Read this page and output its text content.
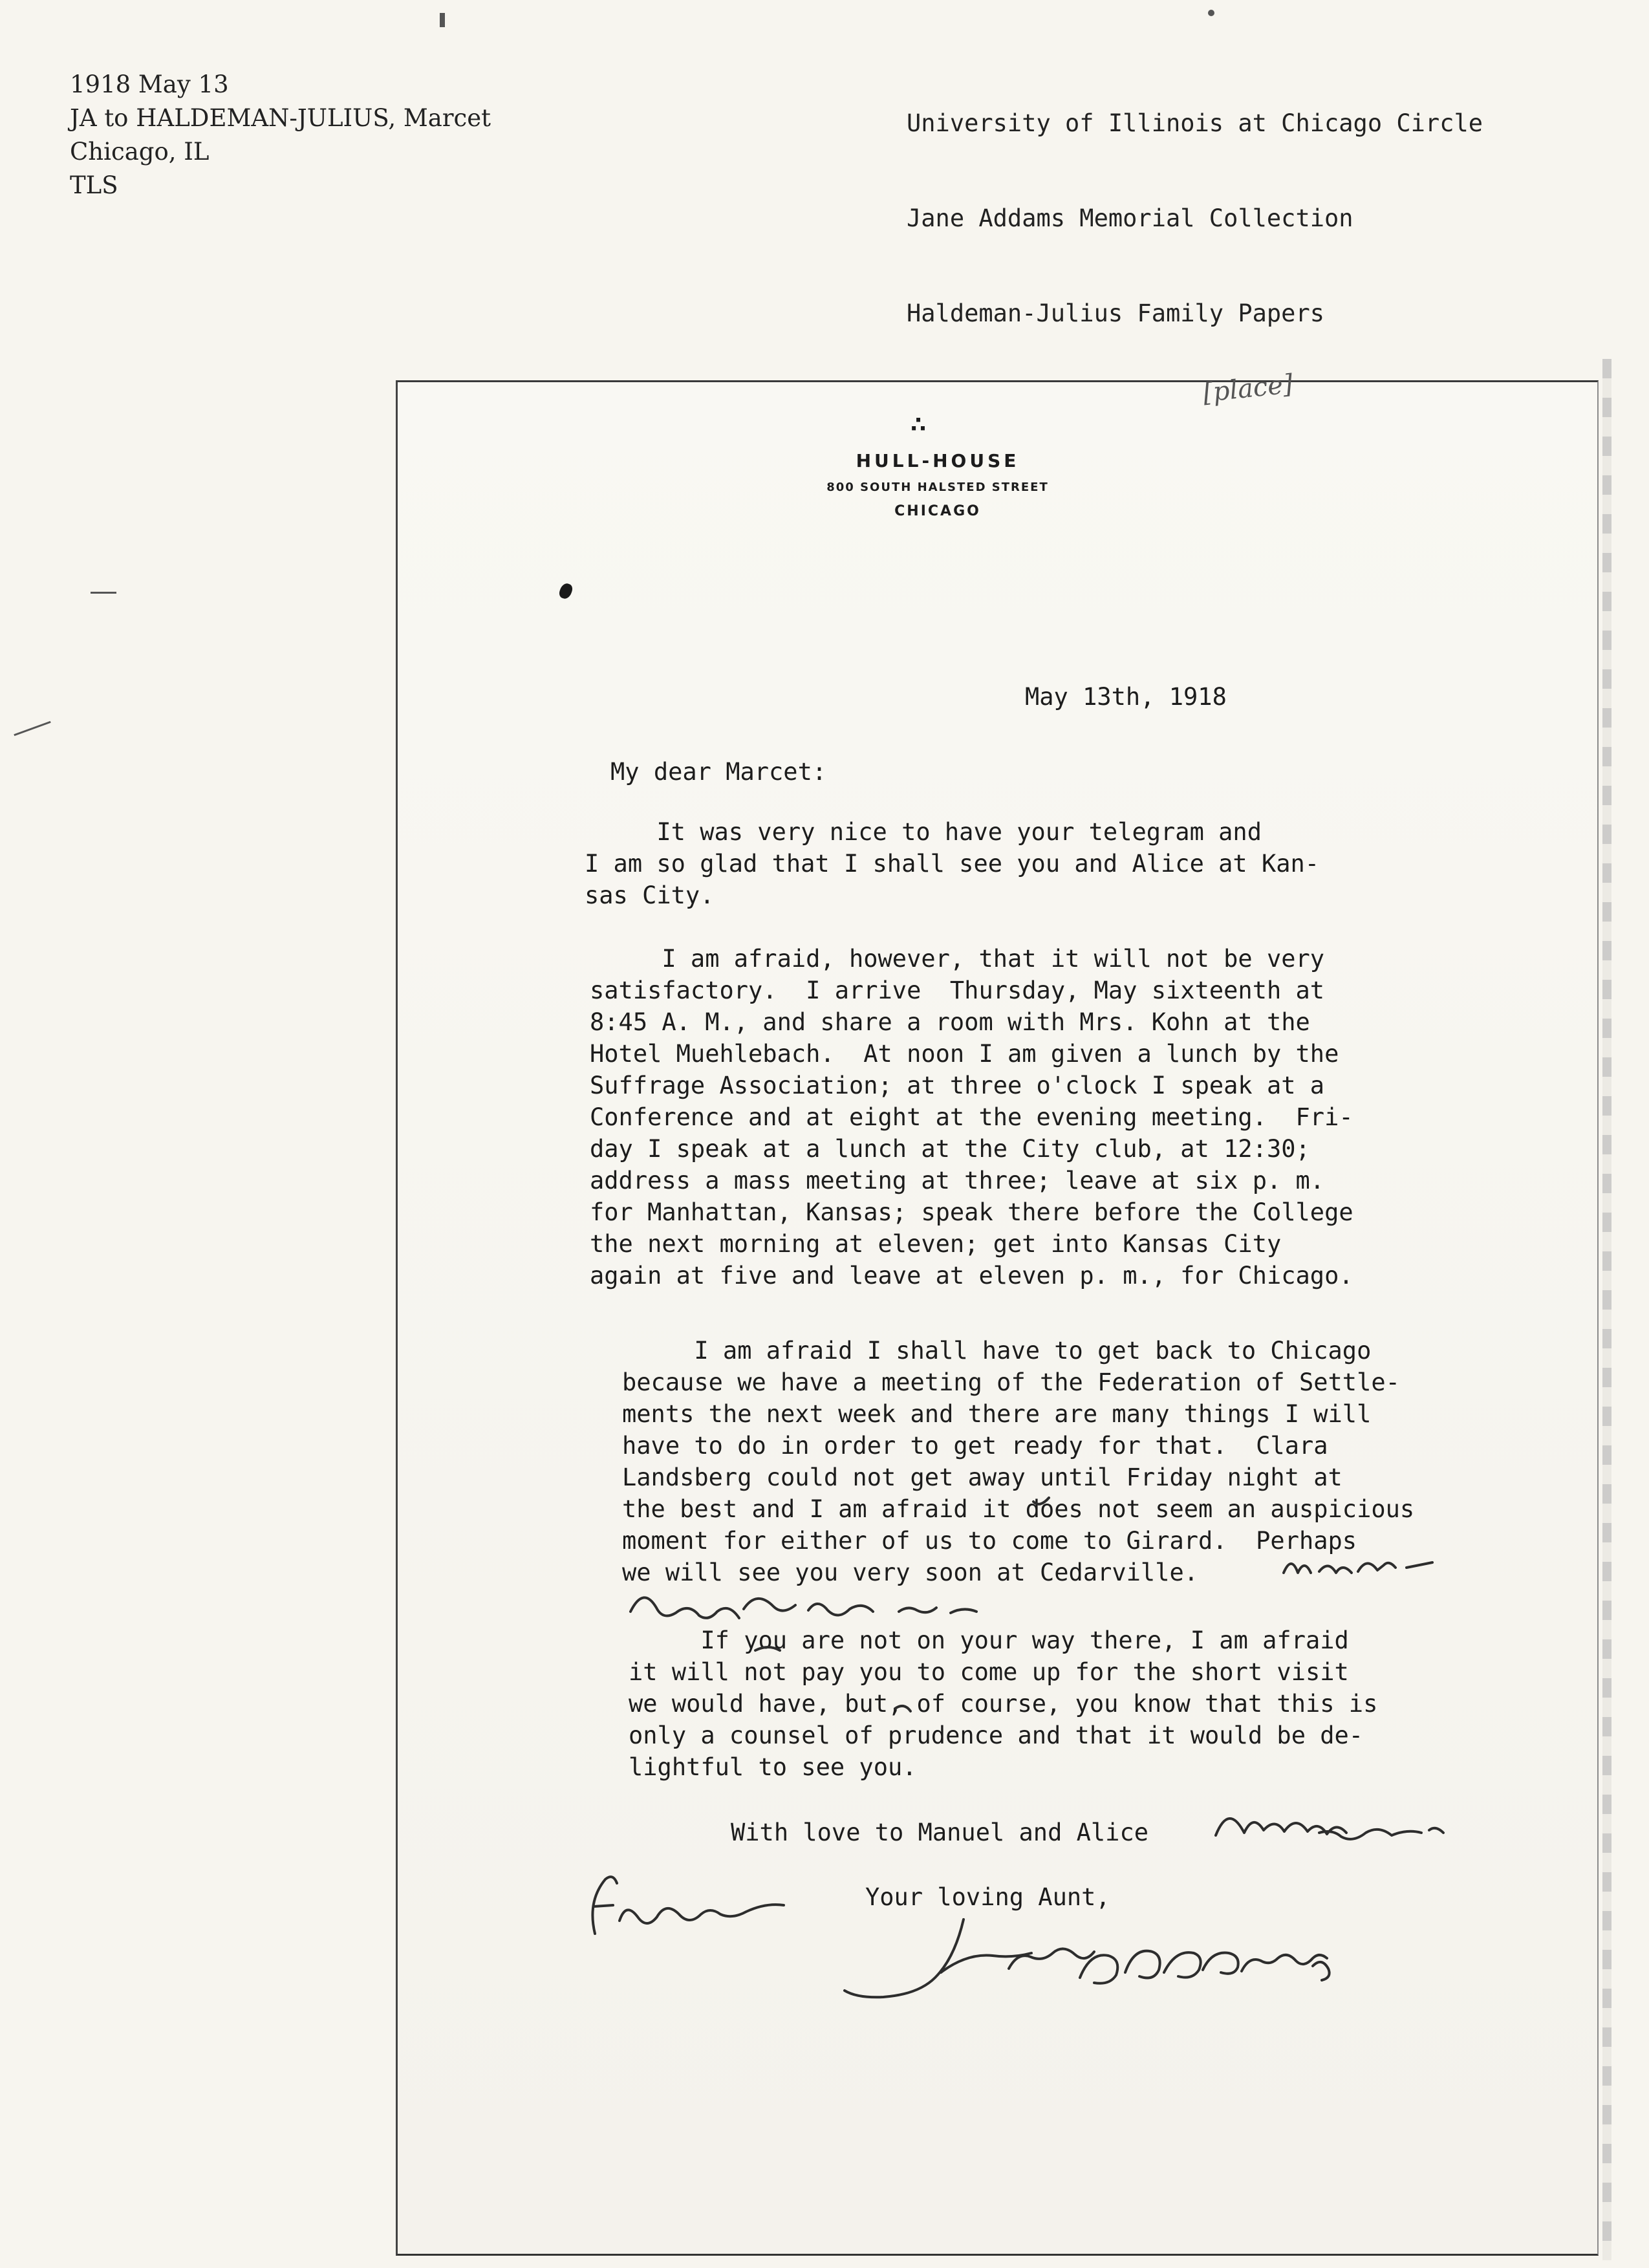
1918 May 13
JA to HALDEMAN-JULIUS, Marcet
Chicago, IL
TLS

University of Illinois at Chicago Circle

Jane Addams Memorial Collection

Haldeman-Julius Family Papers

[place]
∴
HULL-HOUSE
800 SOUTH HALSTED STREET
CHICAGO
May 13th, 1918
My dear Marcet:
It was very nice to have your telegram and
I am so glad that I shall see you and Alice at Kan-
sas City.
I am afraid, however, that it will not be very
satisfactory.  I arrive  Thursday, May sixteenth at
8:45 A. M., and share a room with Mrs. Kohn at the
Hotel Muehlebach.  At noon I am given a lunch by the
Suffrage Association; at three o'clock I speak at a
Conference and at eight at the evening meeting.  Fri-
day I speak at a lunch at the City club, at 12:30;
address a mass meeting at three; leave at six p. m.
for Manhattan, Kansas; speak there before the College
the next morning at eleven; get into Kansas City
again at five and leave at eleven p. m., for Chicago.
I am afraid I shall have to get back to Chicago
because we have a meeting of the Federation of Settle-
ments the next week and there are many things I will
have to do in order to get ready for that.  Clara
Landsberg could not get away until Friday night at
the best and I am afraid it does not seem an auspicious
moment for either of us to come to Girard.  Perhaps
we will see you very soon at Cedarville.
If you are not on your way there, I am afraid
it will not pay you to come up for the short visit
we would have, but, of course, you know that this is
only a counsel of prudence and that it would be de-
lightful to see you.
With love to Manuel and Alice
Your loving Aunt,
